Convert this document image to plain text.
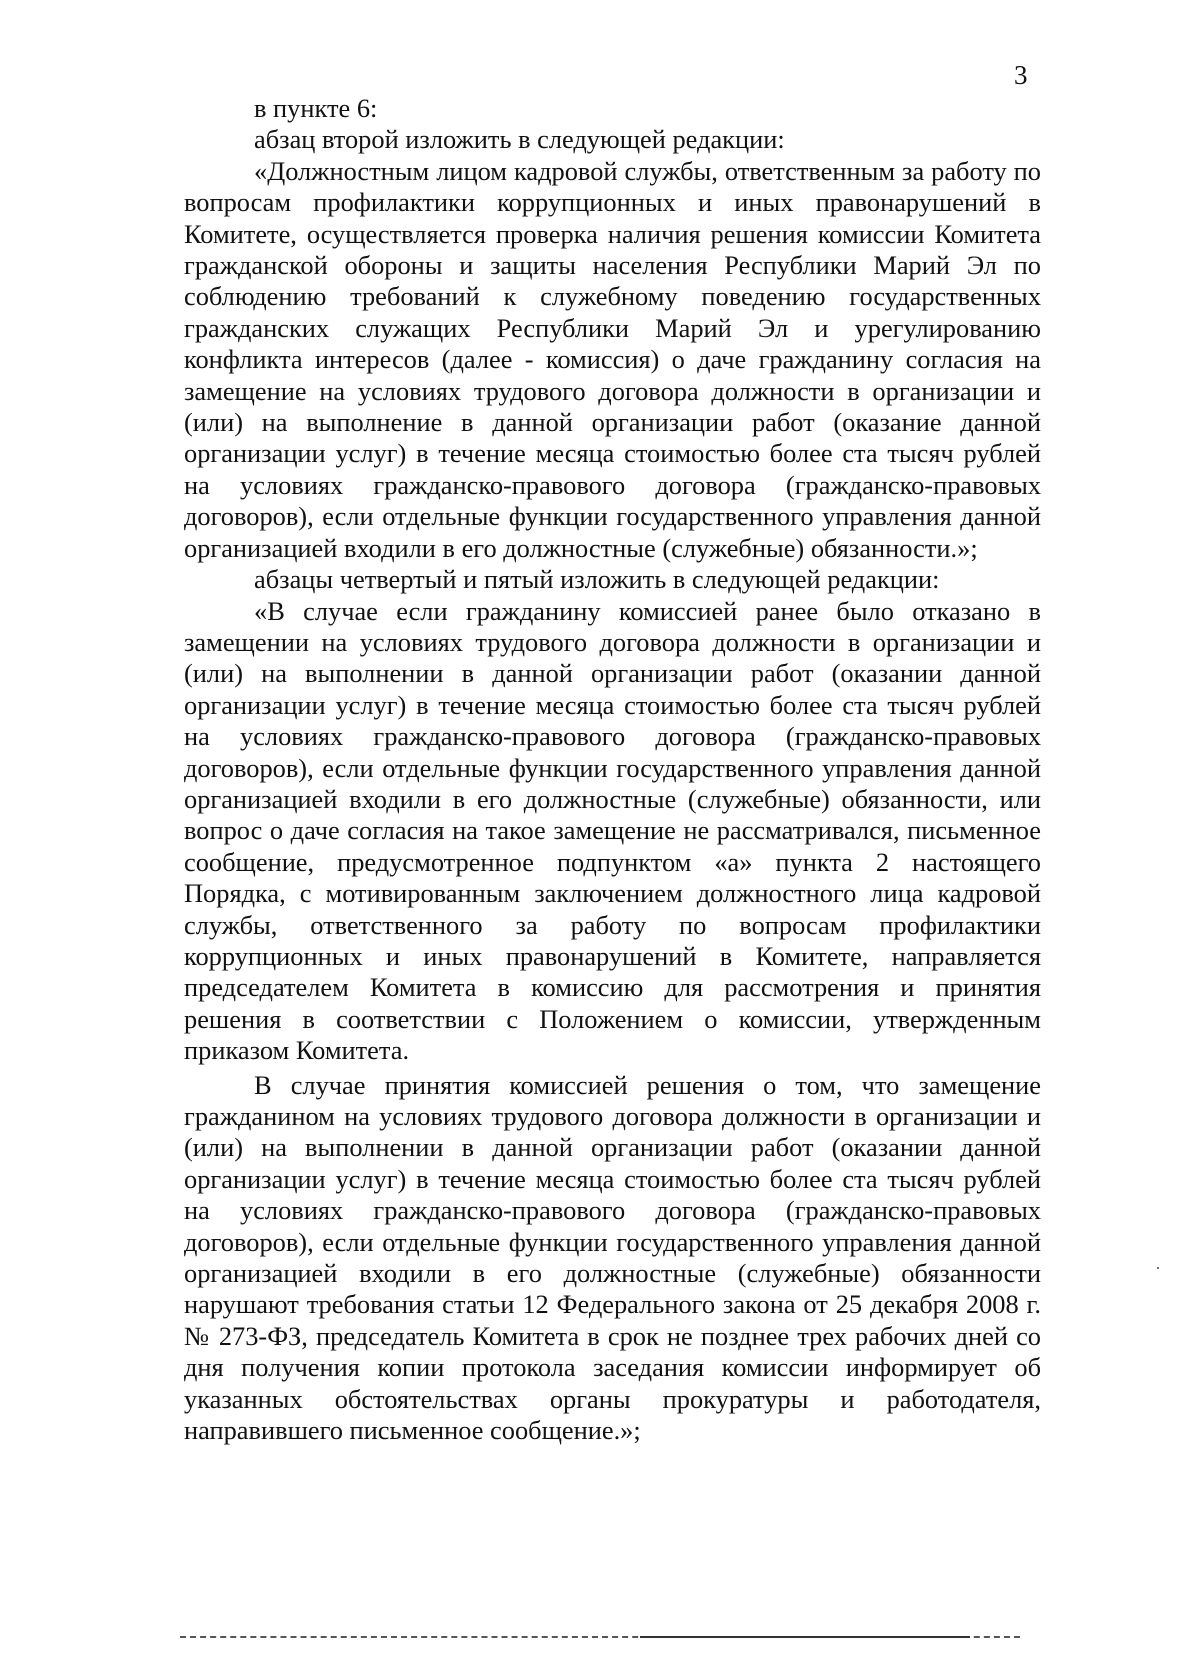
3

в пункте 6:

абзац второй изложить в следующей редакции:

«Должностным лицом кадровой службы, ответственным за работу по вопросам профилактики коррупционных и иных правонарушений в Комитете, осуществляется проверка наличия решения комиссии Комитета гражданской обороны и защиты населения Республики Марий Эл по соблюдению требований к служебному поведению государственных гражданских служащих Республики Марий Эл и урегулированию конфликта интересов (далее - комиссия) о даче гражданину согласия на замещение на условиях трудового договора должности в организации и (или) на выполнение в данной организации работ (оказание данной организации услуг) в течение месяца стоимостью более ста тысяч рублей на условиях гражданско-правового договора (гражданско-правовых договоров), если отдельные функции государственного управления данной организацией входили в его должностные (служебные) обязанности.»;

абзацы четвертый и пятый изложить в следующей редакции:

«В случае если гражданину комиссией ранее было отказано в замещении на условиях трудового договора должности в организации и (или) на выполнении в данной организации работ (оказании данной организации услуг) в течение месяца стоимостью более ста тысяч рублей на условиях гражданско-правового договора (гражданско-правовых договоров), если отдельные функции государственного управления данной организацией входили в его должностные (служебные) обязанности, или вопрос о даче согласия на такое замещение не рассматривался, письменное сообщение, предусмотренное подпунктом «а» пункта 2 настоящего Порядка, с мотивированным заключением должностного лица кадровой службы, ответственного за работу по вопросам профилактики коррупционных и иных правонарушений в Комитете, направляется председателем Комитета в комиссию для рассмотрения и принятия решения в соответствии с Положением о комиссии, утвержденным приказом Комитета.

В случае принятия комиссией решения о том, что замещение гражданином на условиях трудового договора должности в организации и (или) на выполнении в данной организации работ (оказании данной организации услуг) в течение месяца стоимостью более ста тысяч рублей на условиях гражданско-правового договора (гражданско-правовых договоров), если отдельные функции государственного управления данной организацией входили в его должностные (служебные) обязанности нарушают требования статьи 12 Федерального закона от 25 декабря 2008 г. № 273-ФЗ, председатель Комитета в срок не позднее трех рабочих дней со дня получения копии протокола заседания комиссии информирует об указанных обстоятельствах органы прокуратуры и работодателя, направившего письменное сообщение.»;
